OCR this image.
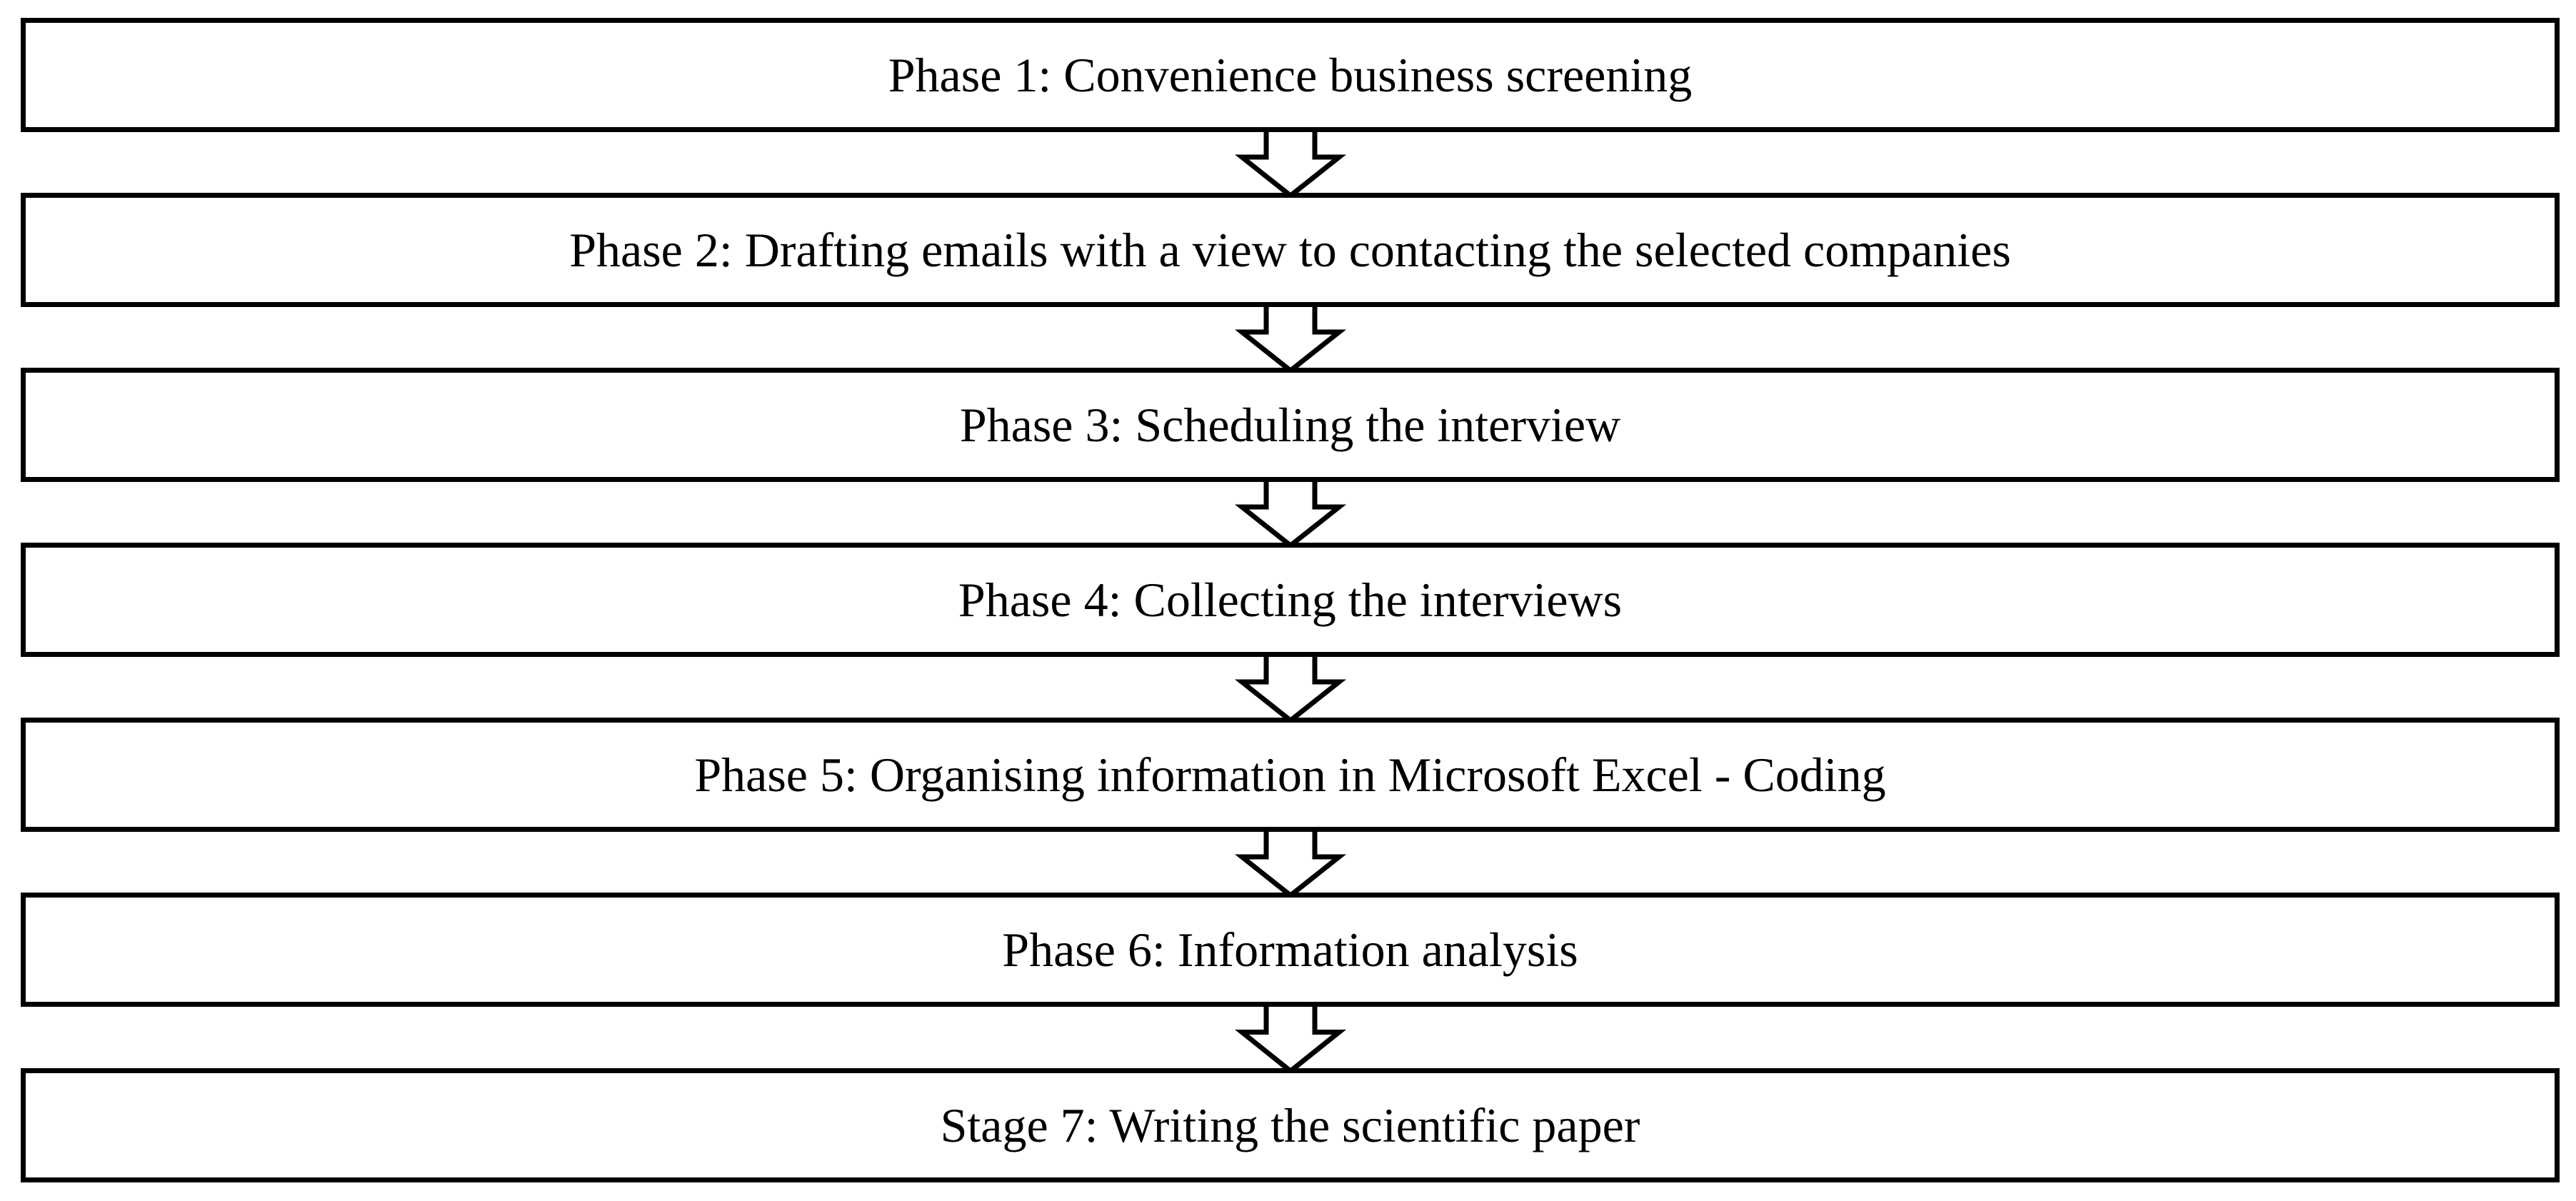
Phase 1: Convenience business screening
Phase 2: Drafting emails with a view to contacting the selected companies
Phase 3: Scheduling the interview
Phase 4: Collecting the interviews
Phase 5: Organising information in Microsoft Excel - Coding
Phase 6: Information analysis
Stage 7: Writing the scientific paper
